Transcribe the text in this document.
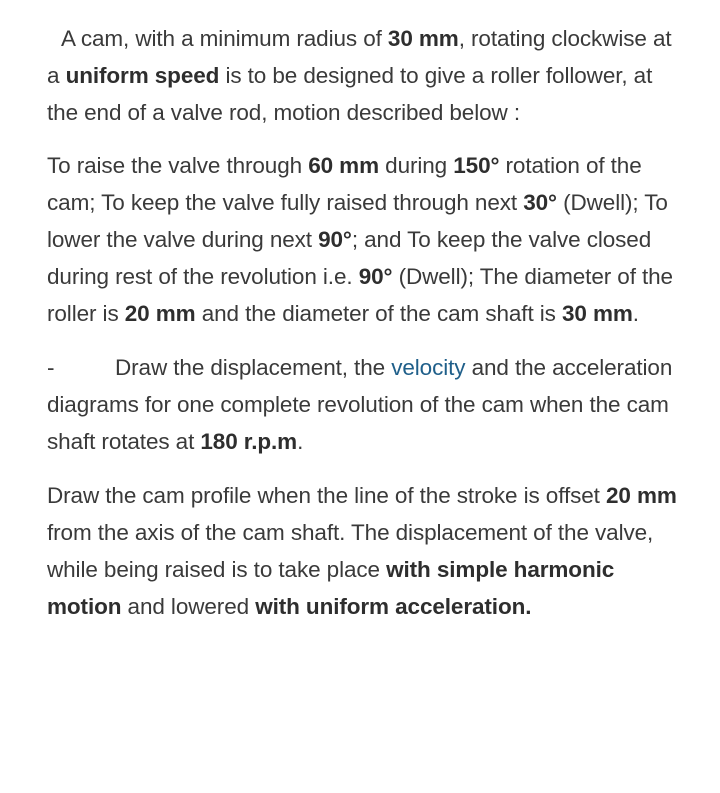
A cam, with a minimum radius of 30 mm, rotating clockwise at a uniform speed is to be designed to give a roller follower, at the end of a valve rod, motion described below :

To raise the valve through 60 mm during 150° rotation of the cam; To keep the valve fully raised through next 30° (Dwell); To lower the valve during next 90°; and To keep the valve closed during rest of the revolution i.e. 90° (Dwell); The diameter of the roller is 20 mm and the diameter of the cam shaft is 30 mm.

-	Draw the displacement, the velocity and the acceleration diagrams for one complete revolution of the cam when the cam shaft rotates at 180 r.p.m.

Draw the cam profile when the line of the stroke is offset 20 mm from the axis of the cam shaft. The displacement of the valve, while being raised is to take place with simple harmonic motion and lowered with uniform acceleration.
